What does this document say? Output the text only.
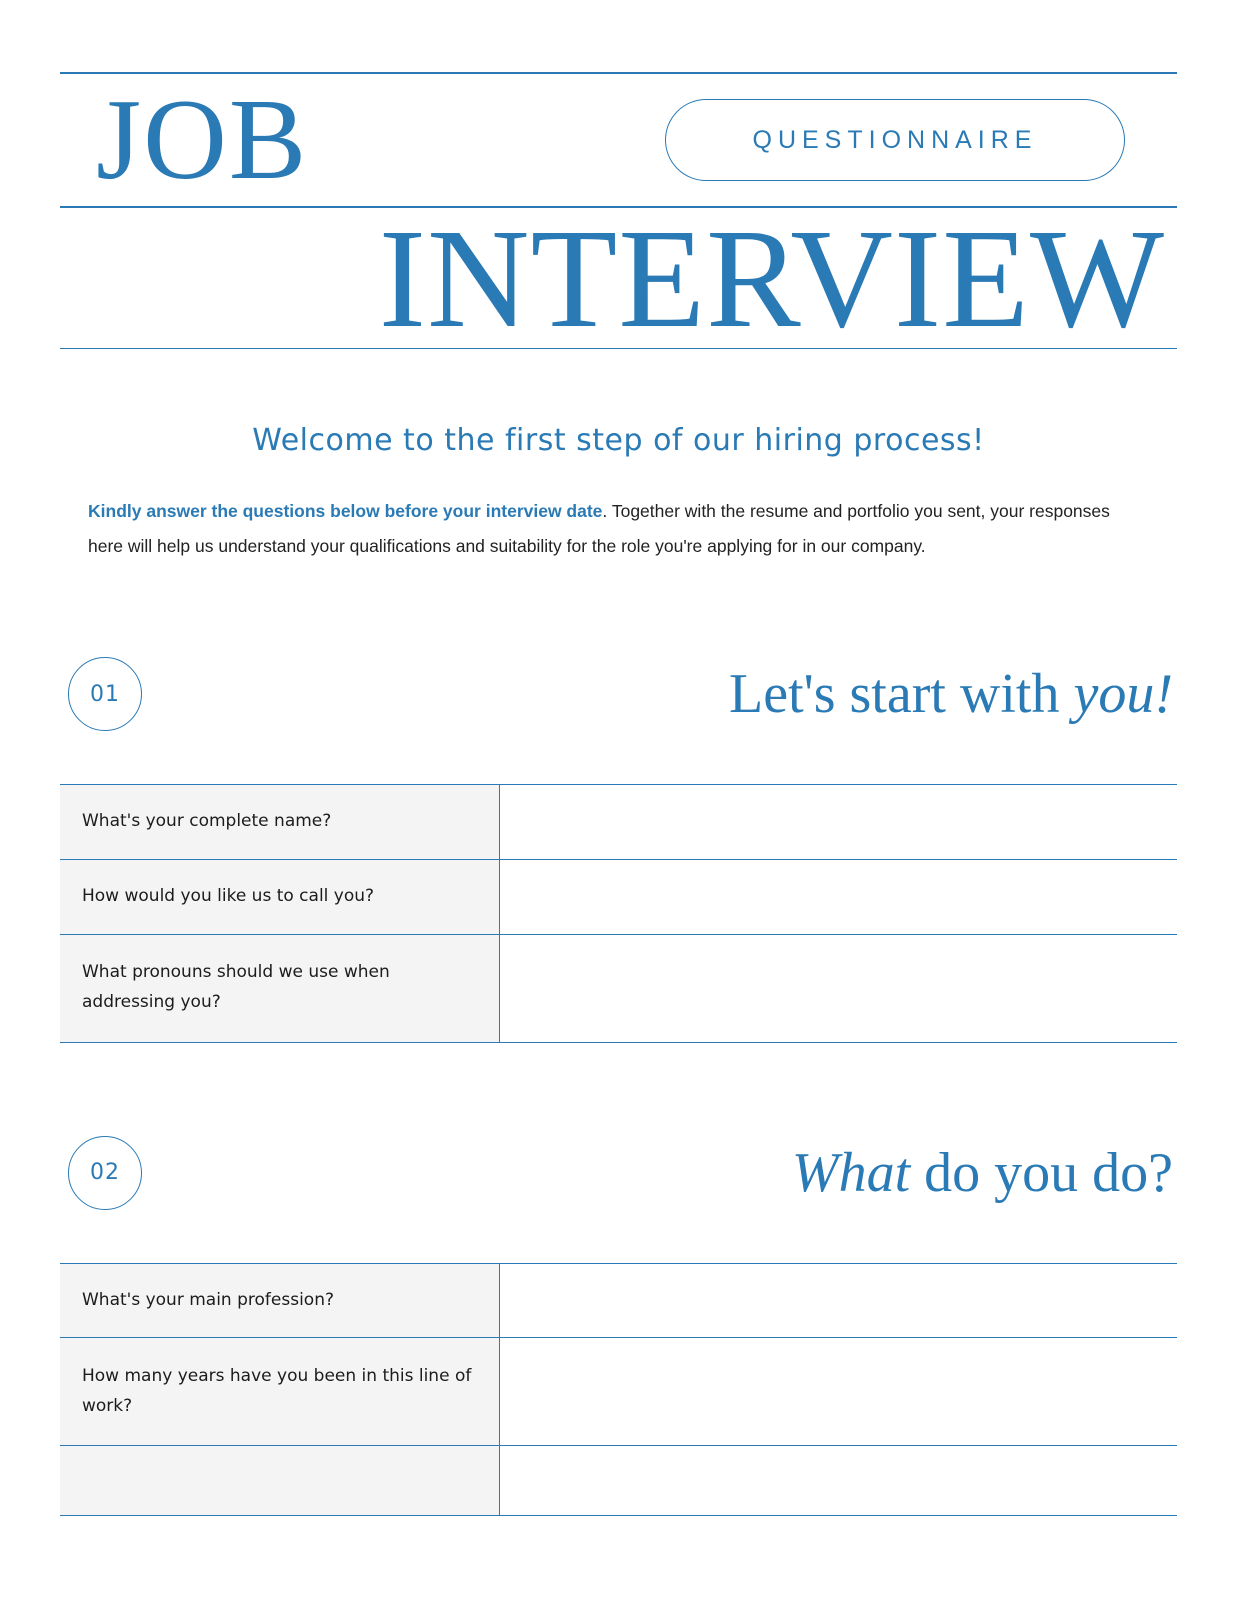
JOB	QUESTIONNAIRE
INTERVIEW
Welcome to the first step of our hiring process!

Kindly answer the questions below before your interview date. Together with the resume and portfolio you sent, your responses here will help us understand your qualifications and suitability for the role you're applying for in our company.

01	Let's start with you!
What's your complete name?
How would you like us to call you?
What pronouns should we use when addressing you?
02	What do you do?
What's your main profession?
How many years have you been in this line of work?
